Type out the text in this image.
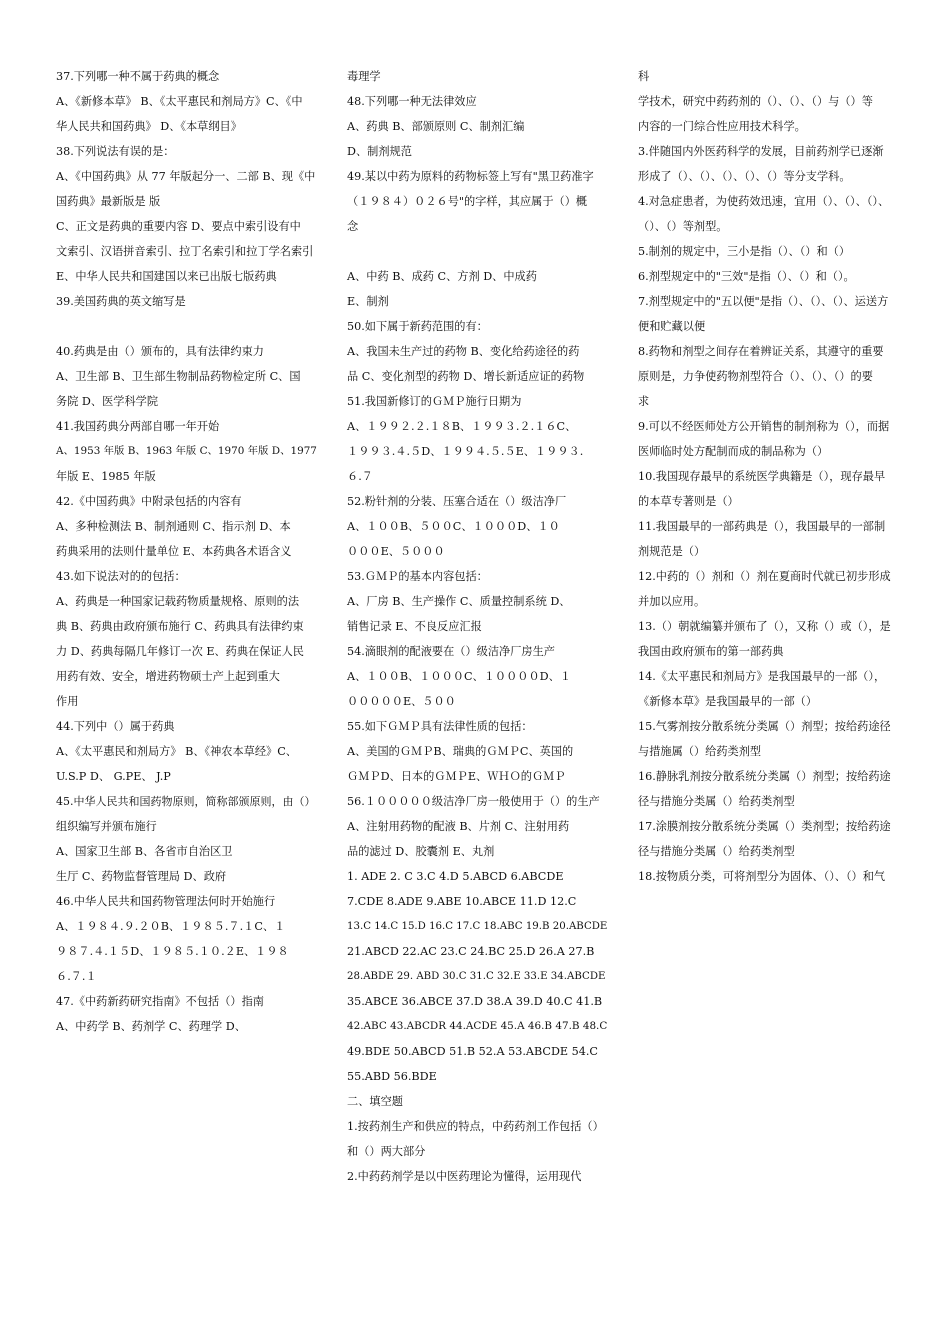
37.下列哪一种不属于药典的概念
A、《新修本草》 B、《太平惠民和剂局方》C、《中
华人民共和国药典》 D、《本草纲目》
38.下列说法有误的是：
A、《中国药典》从 77 年版起分一、二部 B、现《中
国药典》最新版是 版
C、正文是药典的重要内容 D、要点中索引设有中
文索引、汉语拼音索引、拉丁名索引和拉丁学名索引
E、中华人民共和国建国以来已出版七版药典
39.美国药典的英文缩写是
40.药典是由（）颁布的，具有法律约束力
A、卫生部 B、卫生部生物制品药物检定所 C、国
务院 D、医学科学院
41.我国药典分两部自哪一年开始
A、1953 年版 B、1963 年版 C、1970 年版 D、1977
年版 E、1985 年版
42.《中国药典》中附录包括的内容有
A、多种检测法 B、制剂通则 C、指示剂 D、本
药典采用的法则什量单位 E、本药典各术语含义
43.如下说法对的的包括：
A、药典是一种国家记载药物质量规格、原则的法
典 B、药典由政府颁布施行 C、药典具有法律约束
力 D、药典每隔几年修订一次 E、药典在保证人民
用药有效、安全，增进药物硕士产上起到重大
作用
44.下列中（）属于药典
A、《太平惠民和剂局方》 B、《神农本草经》C、
U.S.P D、 G.PE、 J.P
45.中华人民共和国药物原则，简称部颁原则，由（）
组织编写并颁布施行
A、国家卫生部 B、各省市自治区卫
生厅 C、药物监督管理局 D、政府
46.中华人民共和国药物管理法何时开始施行
A、１９８４.９.２０B、１９８５.７.１C、１
９８７.４.１５D、１９８５.１０.２E、１９８
６.７.１
47.《中药新药研究指南》不包括（）指南
A、中药学 B、药剂学 C、药理学 D、
毒理学
48.下列哪一种无法律效应
A、药典 B、部颁原则 C、制剂汇编
D、制剂规范
49.某以中药为原料的药物标签上写有"黑卫药准字
（１９８４）０２６号"的字样，其应属于（）概
念
A、中药 B、成药 C、方剂 D、中成药
E、制剂
50.如下属于新药范围的有：
A、我国未生产过的药物 B、变化给药途径的药
品 C、变化剂型的药物 D、增长新适应证的药物
51.我国新修订的ＧＭＰ施行日期为
A、１９９２.２.１８B、１９９３.２.１６C、
１９９３.４.５D、１９９４.５.５E、１９９３.
６.７
52.粉针剂的分装、压塞合适在（）级洁净厂
A、１００B、５００C、１０００D、１０
０００E、５０００
53.ＧＭＰ的基本内容包括：
A、厂房 B、生产操作 C、质量控制系统 D、
销售记录 E、不良反应汇报
54.滴眼剂的配液要在（）级洁净厂房生产
A、１００B、１０００C、１００００D、１
０００００E、５００
55.如下ＧＭＰ具有法律性质的包括：
A、美国的ＧＭＰB、瑞典的ＧＭＰC、英国的
ＧＭＰD、日本的ＧＭＰE、ＷＨＯ的ＧＭＰ
56.１０００００级洁净厂房一般使用于（）的生产
A、注射用药物的配液 B、片剂 C、注射用药
品的滤过 D、胶囊剂 E、丸剂
1. ADE 2. C 3.C 4.D 5.ABCD 6.ABCDE
7.CDE 8.ADE 9.ABE 10.ABCE 11.D 12.C
13.C 14.C 15.D 16.C 17.C 18.ABC 19.B 20.ABCDE
21.ABCD 22.AC 23.C 24.BC 25.D 26.A 27.B
28.ABDE 29. ABD 30.C 31.C 32.E 33.E 34.ABCDE
35.ABCE 36.ABCE 37.D 38.A 39.D 40.C 41.B
42.ABC 43.ABCDR 44.ACDE 45.A 46.B 47.B 48.C
49.BDE 50.ABCD 51.B 52.A 53.ABCDE 54.C
55.ABD 56.BDE
二、填空题
1.按药剂生产和供应的特点，中药药剂工作包括（）
和（）两大部分
2.中药药剂学是以中医药理论为懂得，运用现代
科
学技术，研究中药药剂的（）、（）、（）与（）等
内容的一门综合性应用技术科学。
3.伴随国内外医药科学的发展，目前药剂学已逐渐
形成了（）、（）、（）、（）、（）等分支学科。
4.对急症患者，为使药效迅速，宜用（）、（）、（）、
（）、（）等剂型。
5.制剂的规定中，三小是指（）、（）和（）
6.剂型规定中的"三效"是指（）、（）和（）。
7.剂型规定中的"五以便"是指（）、（）、（）、运送方
便和贮藏以便
8.药物和剂型之间存在着辨证关系，其遵守的重要
原则是，力争使药物剂型符合（）、（）、（）的要
求
9.可以不经医师处方公开销售的制剂称为（），而据
医师临时处方配制而成的制品称为（）
10.我国现存最早的系统医学典籍是（），现存最早
的本草专著则是（）
11.我国最早的一部药典是（），我国最早的一部制
剂规范是（）
12.中药的（）剂和（）剂在夏商时代就已初步形成
并加以应用。
13.（）朝就编纂并颁布了（），又称（）或（），是
我国由政府颁布的第一部药典
14.《太平惠民和剂局方》是我国最早的一部（），
《新修本草》是我国最早的一部（）
15.气雾剂按分散系统分类属（）剂型；按给药途径
与措施属（）给药类剂型
16.静脉乳剂按分散系统分类属（）剂型；按给药途
径与措施分类属（）给药类剂型
17.涂膜剂按分散系统分类属（）类剂型；按给药途
径与措施分类属（）给药类剂型
18.按物质分类，可将剂型分为固体、（）、（）和气
